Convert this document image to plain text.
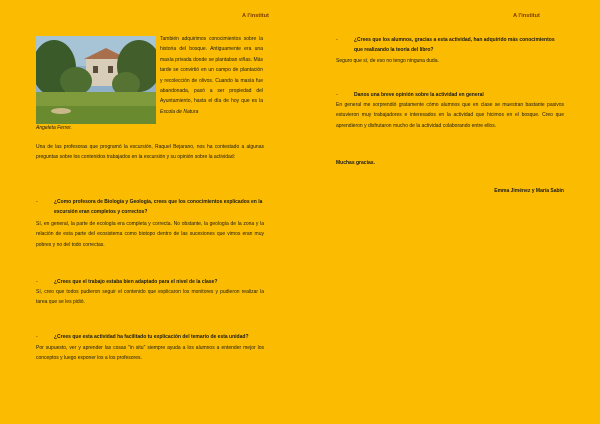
A l'institut
También adquirimos conocimientos sobre la historia del bosque. Antiguamente era una masía privada donde se plantaban viñas. Más tarde se convirtió en un campo de plantación y recolección de olivos. Cuando la masía fue abandonada, pasó a ser propiedad del Ayuntamiento, hasta el día de hoy que es la Escola de Natura
Angeleta Ferrer.
Una de las profesoras que programó la excursión, Raquel Bejarano, nos ha contestado a algunas preguntas sobre los contenidos trabajados en la excursión y su opinión sobre la actividad:
-	¿Como profesora de Biología y Geología, crees que los conocimientos explicados en la excursión eran completos y correctos?
Sí, en general, la parte de ecología era completa y correcta. No obstante, la geología de la zona y la relación de esta parte del ecosistema como biotopo dentro de las sucesiones que vimos eran muy pobres y no del todo correctas.
-	¿Crees que el trabajo estaba bien adaptado para el nivel de la clase?
Sí, creo que todos pudieron seguir el contenido que explicaron los monitores y pudieron realizar la tarea que se les pidió.
-	¿Crees que esta actividad ha facilitado tu explicación del temario de esta unidad?
Por supuesto, ver y aprender las cosas "in situ" siempre ayuda a los alumnos a entender mejor los conceptos y luego exponer los a los profesores.
A l'institut
-	¿Crees que los alumnos, gracias a esta actividad, han adquirido más conocimientos que realizando la teoría del libro?
Seguro que sí, de eso no tengo ninguna duda.
-	Danos una breve opinión sobre la actividad en general
En general me sorprendió gratamente cómo alumnos que en clase se muestran bastante pasivos estuvieron muy trabajadores e interesados en la actividad que hicimos en el bosque. Creo que aprendieron y disfrutaron mucho de la actividad colaborando entre ellos.
Muchas gracias.
Emma Jiménez y María Sabin
